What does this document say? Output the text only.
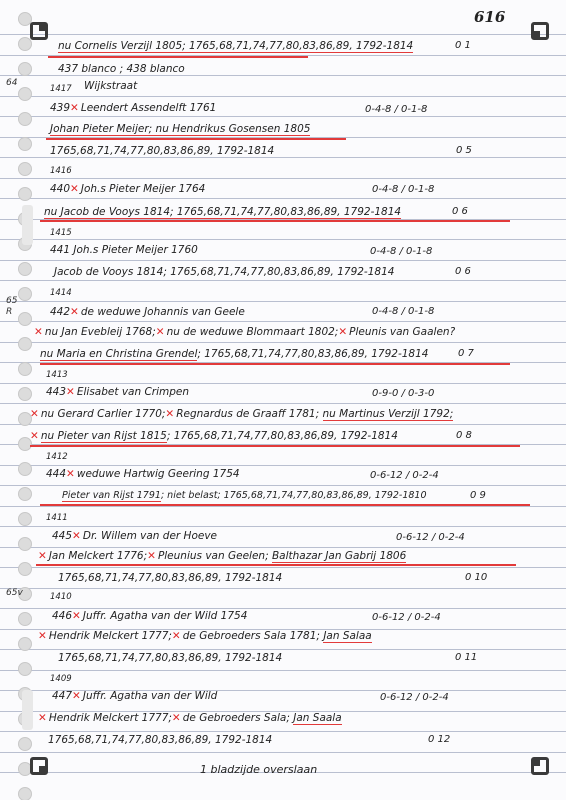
616
64
65 R
65v
nu Cornelis Verzijl 1805; 1765,68,71,74,77,80,83,86,89, 1792-1814	0 1
437 blanco ; 438 blanco
1417 Wijkstraat
439✕ Leendert Assendelft 1761	0-4-8 / 0-1-8
Johan Pieter Meijer; nu Hendrikus Gosensen 1805
1765,68,71,74,77,80,83,86,89, 1792-1814	0 5
1416
440✕ Joh.s Pieter Meijer 1764	0-4-8 / 0-1-8
nu Jacob de Vooys 1814; 1765,68,71,74,77,80,83,86,89, 1792-1814	0 6
1415
441 Joh.s Pieter Meijer 1760	0-4-8 / 0-1-8
Jacob de Vooys 1814; 1765,68,71,74,77,80,83,86,89, 1792-1814	0 6
1414
442✕ de weduwe Johannis van Geele	0-4-8 / 0-1-8
✕ nu Jan Evebleij 1768;✕ nu de weduwe Blommaart 1802;✕ Pleunis van Gaalen?
nu Maria en Christina Grendel; 1765,68,71,74,77,80,83,86,89, 1792-1814	0 7
1413
443✕ Elisabet van Crimpen	0-9-0 / 0-3-0
✕ nu Gerard Carlier 1770;✕ Regnardus de Graaff 1781; nu Martinus Verzijl 1792;
✕ nu Pieter van Rijst 1815; 1765,68,71,74,77,80,83,86,89, 1792-1814	0 8
1412
444✕ weduwe Hartwig Geering 1754	0-6-12 / 0-2-4
Pieter van Rijst 1791; niet belast; 1765,68,71,74,77,80,83,86,89, 1792-1810	0 9
1411
445✕ Dr. Willem van der Hoeve	0-6-12 / 0-2-4
✕ Jan Melckert 1776;✕ Pleunius van Geelen; Balthazar Jan Gabrij 1806
1765,68,71,74,77,80,83,86,89, 1792-1814	0 10
1410
446✕ Juffr. Agatha van der Wild 1754	0-6-12 / 0-2-4
✕ Hendrik Melckert 1777;✕ de Gebroeders Sala 1781; Jan Salaa
1765,68,71,74,77,80,83,86,89, 1792-1814	0 11
1409
447✕ Juffr. Agatha van der Wild	0-6-12 / 0-2-4
✕ Hendrik Melckert 1777;✕ de Gebroeders Sala; Jan Saala
1765,68,71,74,77,80,83,86,89, 1792-1814	0 12
1 bladzijde overslaan
